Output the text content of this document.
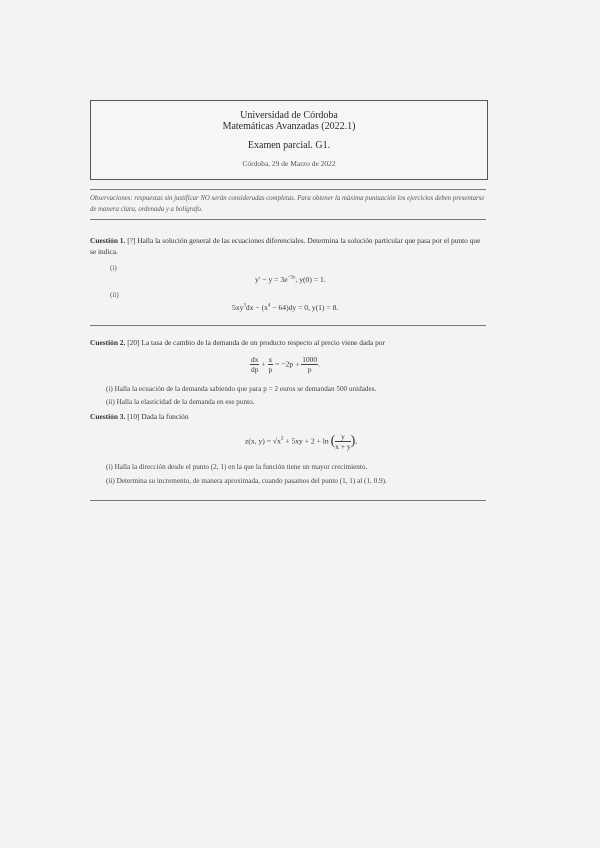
Universidad de Córdoba
Matemáticas Avanzadas (2022.1)
Examen parcial. G1.
Córdoba, 29 de Marzo de 2022
Observaciones: respuestas sin justificar NO serán consideradas completas. Para obtener la máxima puntuación los ejercicios deben presentarse de manera clara, ordenada y a bolígrafo.
Cuestión 1. [?] Halla la solución general de las ecuaciones diferenciales. Determina la solución particular que pasa por el punto que se indica.
(i)
$y' - y = 3e^{-3x}$, y(0) = 1.
(ii)
$5xy^3dx - (x^4 - 64)dy = 0$, y(1) = 8.
Cuestión 2. [20] La tasa de cambio de la demanda de un producto respecto al precio viene dada por
$\frac{dx}{dp} + \frac{x}{p} = -2p + \frac{1000}{p}$ .
(i) Halla la ecuación de la demanda sabiendo que para p = 2 euros se demandan 500 unidades.
(ii) Halla la elasticidad de la demanda en ese punto.
Cuestión 3. [10] Dada la función
z(x, $y) = √x^2 + 5xy + 2 + \ln$ ( $\frac{y}{x + y}$ ),
(i) Halla la dirección desde el punto (2, 1) en la que la función tiene un mayor crecimiento.
(ii) Determina su incremento, de manera aproximada, cuando pasamos del punto (1, 1) al (1, 0.9).
